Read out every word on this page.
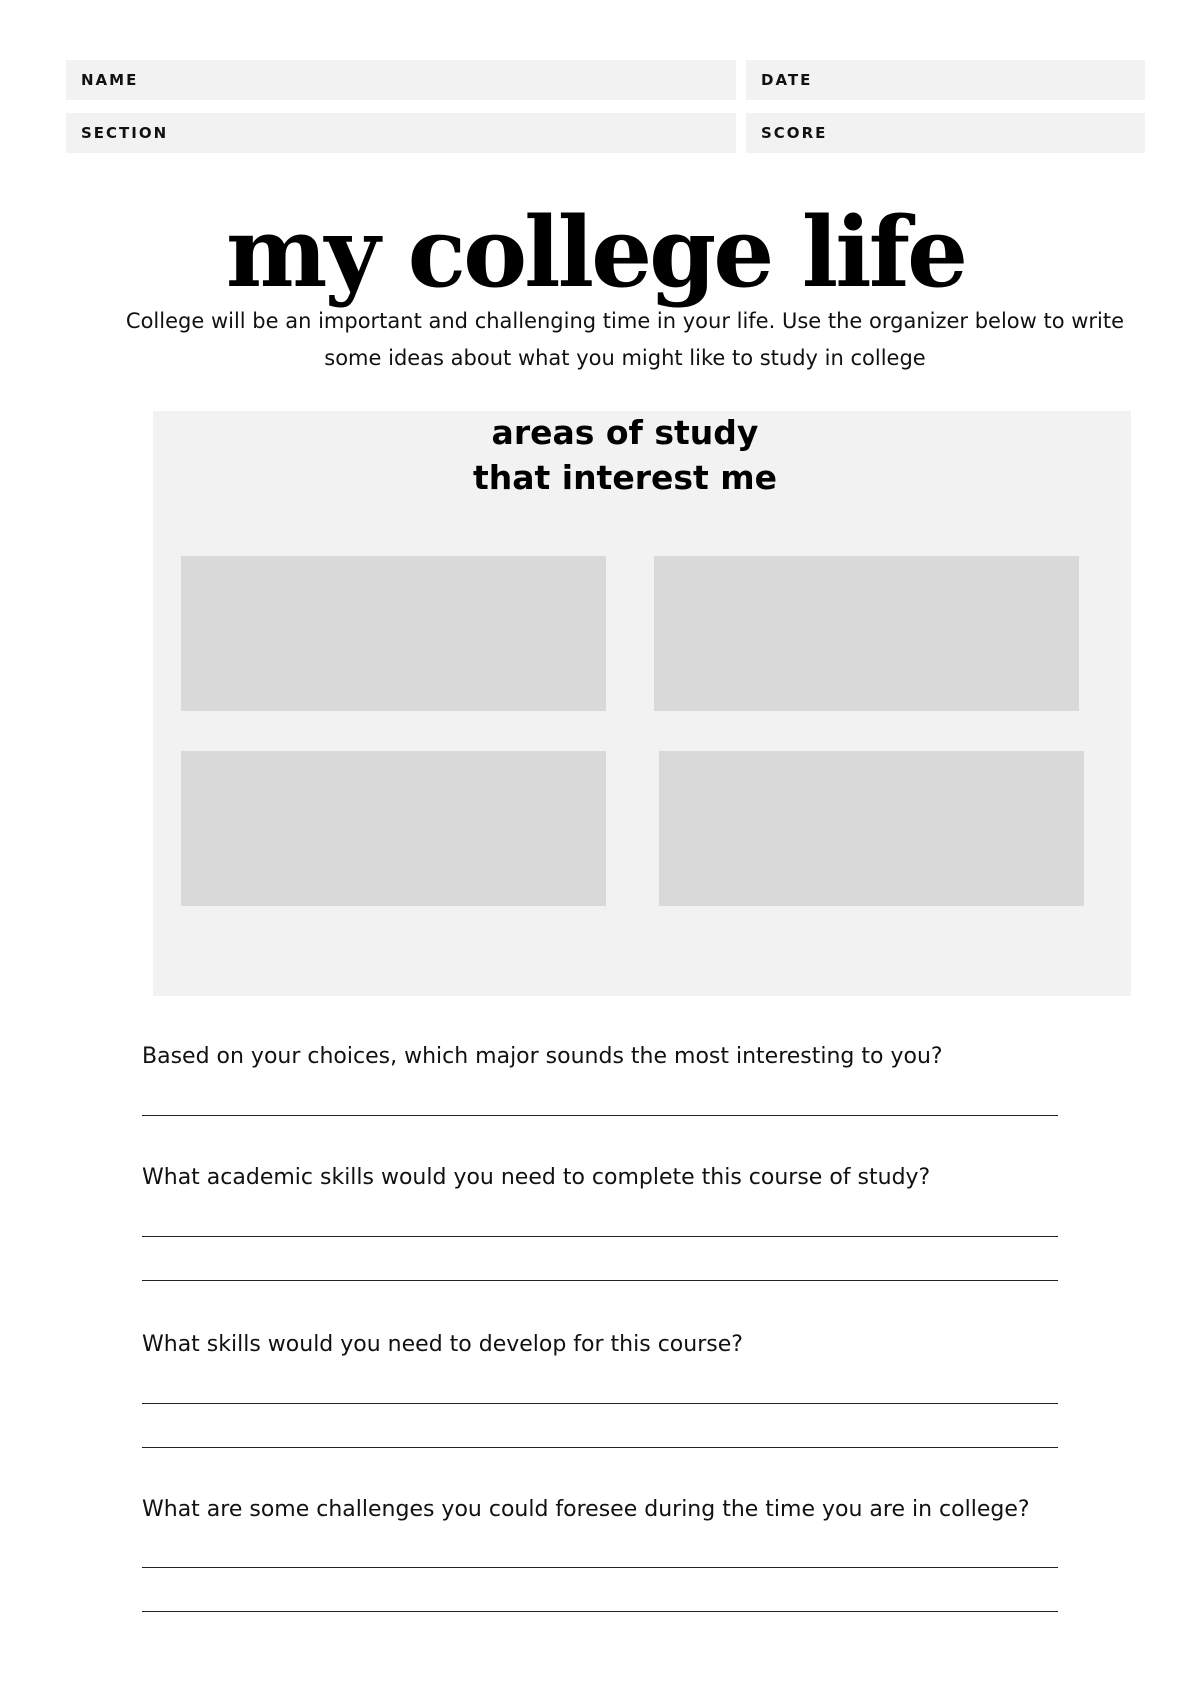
NAME	DATE
SECTION	SCORE
my college life

College will be an important and challenging time in your life. Use the organizer below to write some ideas about what you might like to study in college

areas of study that interest me

Based on your choices, which major sounds the most interesting to you?

What academic skills would you need to complete this course of study?

What skills would you need to develop for this course?

What are some challenges you could foresee during the time you are in college?
